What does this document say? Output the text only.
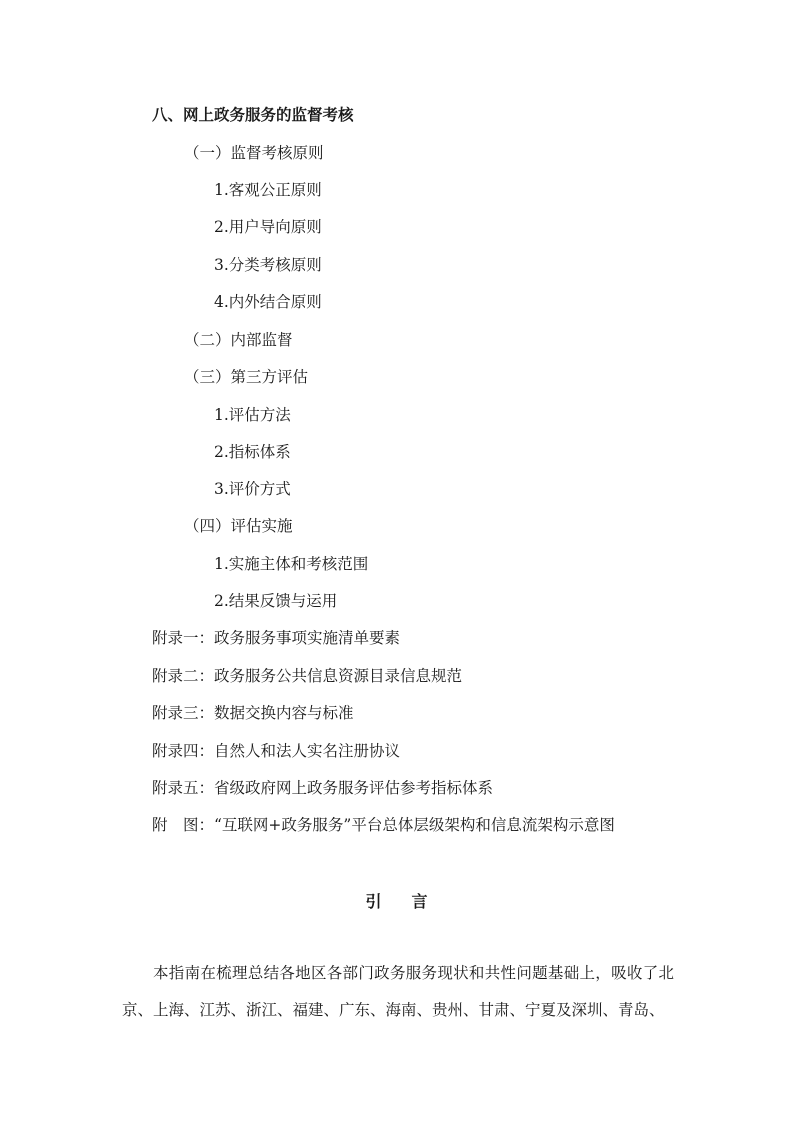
八、网上政务服务的监督考核
（一）监督考核原则
1.客观公正原则
2.用户导向原则
3.分类考核原则
4.内外结合原则
（二）内部监督
（三）第三方评估
1.评估方法
2.指标体系
3.评价方式
（四）评估实施
1.实施主体和考核范围
2.结果反馈与运用
附录一：政务服务事项实施清单要素
附录二：政务服务公共信息资源目录信息规范
附录三：数据交换内容与标准
附录四：自然人和法人实名注册协议
附录五：省级政府网上政务服务评估参考指标体系
附　图：“互联网+政务服务”平台总体层级架构和信息流架构示意图
引言
本指南在梳理总结各地区各部门政务服务现状和共性问题基础上，吸收了北京、上海、江苏、浙江、福建、广东、海南、贵州、甘肃、宁夏及深圳、青岛、
